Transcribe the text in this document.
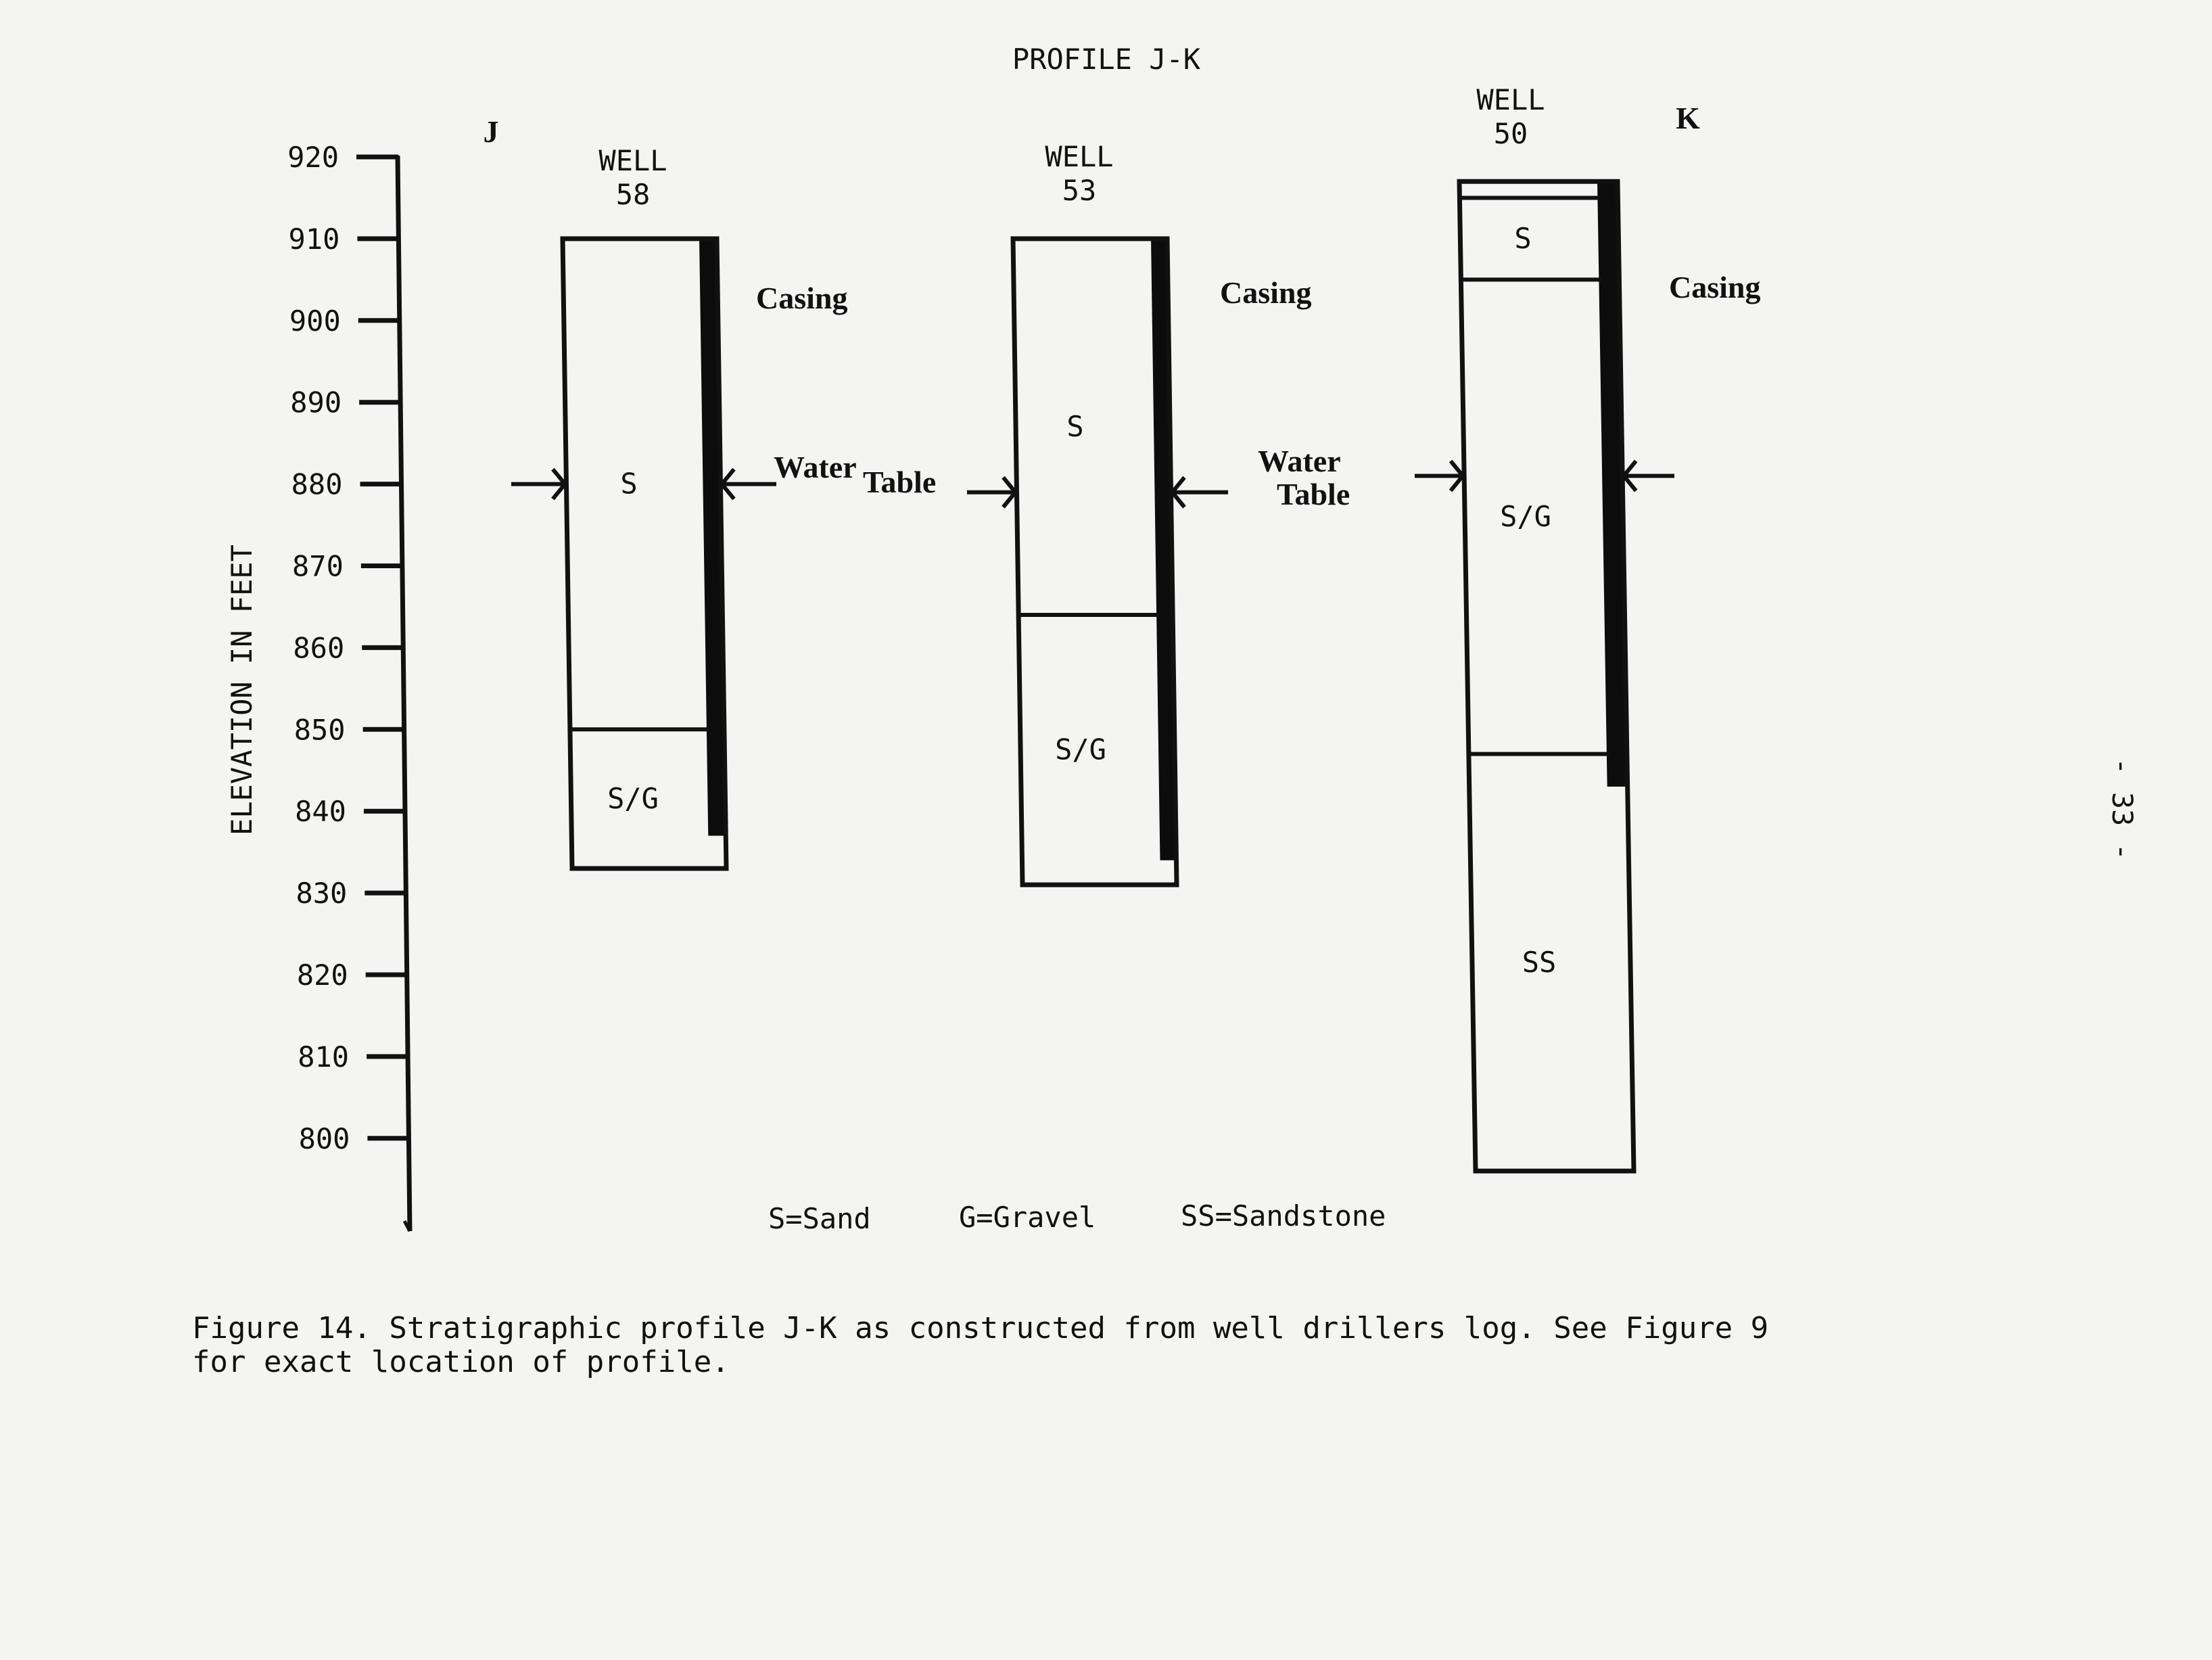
PROFILE J-K
J	K
ELEVATION IN FEET
920
910
900
890
880
870
860
850
840
830
820
810
800
WELL
58
S
S/G
Casing
WELL
53
S
S/G
Casing
WELL
50
S
S/G
SS
Casing
Water Table
Water
Table
S=Sand	G=Gravel	SS=Sandstone
Figure 14. Stratigraphic profile J-K as constructed from well drillers log. See Figure 9
for exact location of profile.
- 33 -
